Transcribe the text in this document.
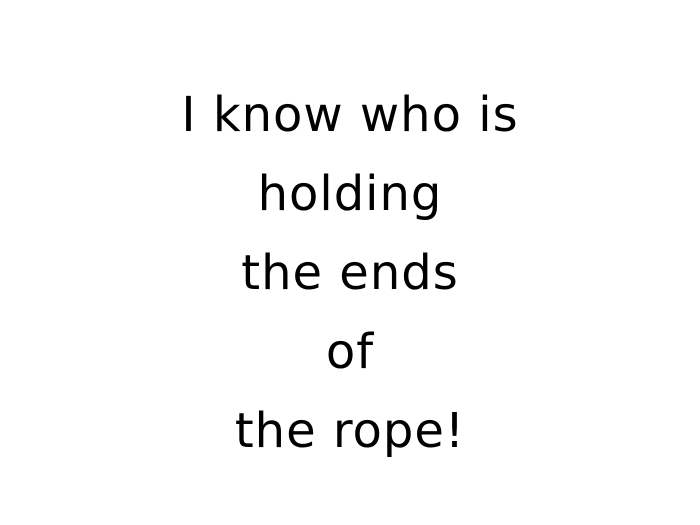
I know who is
holding
the ends
of
the rope!
